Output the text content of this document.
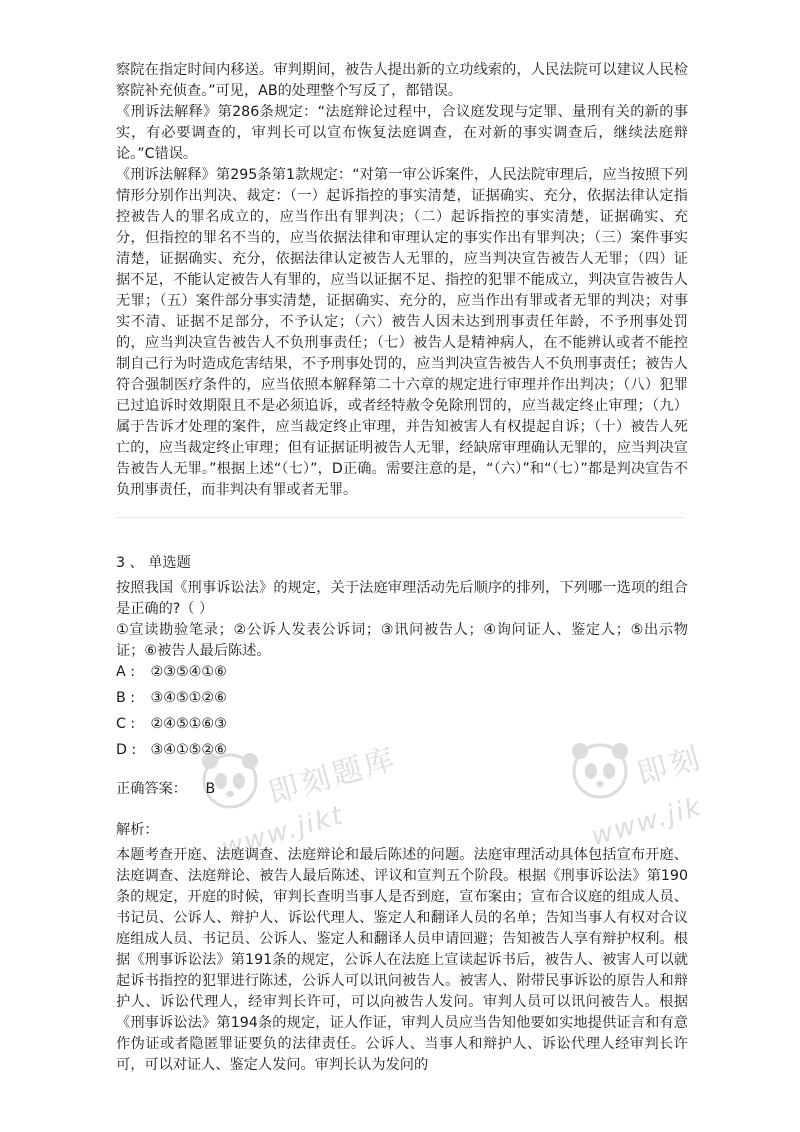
察院在指定时间内移送。审判期间，被告人提出新的立功线索的，人民法院可以建议人民检察院补充侦查。”可见，AB的处理整个写反了，都错误。
《刑诉法解释》第286条规定：“法庭辩论过程中，合议庭发现与定罪、量刑有关的新的事实，有必要调查的，审判长可以宣布恢复法庭调查，在对新的事实调查后，继续法庭辩论。”C错误。
《刑诉法解释》第295条第1款规定：“对第一审公诉案件，人民法院审理后，应当按照下列情形分别作出判决、裁定：（一）起诉指控的事实清楚，证据确实、充分，依据法律认定指控被告人的罪名成立的，应当作出有罪判决；（二）起诉指控的事实清楚，证据确实、充分，但指控的罪名不当的，应当依据法律和审理认定的事实作出有罪判决；（三）案件事实清楚，证据确实、充分，依据法律认定被告人无罪的，应当判决宣告被告人无罪；（四）证据不足，不能认定被告人有罪的，应当以证据不足、指控的犯罪不能成立，判决宣告被告人无罪；（五）案件部分事实清楚，证据确实、充分的，应当作出有罪或者无罪的判决；对事实不清、证据不足部分，不予认定；（六）被告人因未达到刑事责任年龄，不予刑事处罚的，应当判决宣告被告人不负刑事责任；（七）被告人是精神病人，在不能辨认或者不能控制自己行为时造成危害结果，不予刑事处罚的，应当判决宣告被告人不负刑事责任；被告人符合强制医疗条件的，应当依照本解释第二十六章的规定进行审理并作出判决；（八）犯罪已过追诉时效期限且不是必须追诉，或者经特赦令免除刑罚的，应当裁定终止审理；（九）属于告诉才处理的案件，应当裁定终止审理，并告知被害人有权提起自诉；（十）被告人死亡的，应当裁定终止审理；但有证据证明被告人无罪，经缺席审理确认无罪的，应当判决宣告被告人无罪。”根据上述“（七）”，D正确。需要注意的是，“（六）”和“（七）”都是判决宣告不负刑事责任，而非判决有罪或者无罪。

3 、 单选题
按照我国《刑事诉讼法》的规定，关于法庭审理活动先后顺序的排列，下列哪一选项的组合是正确的?（ ）
①宣读勘验笔录；②公诉人发表公诉词；③讯问被告人；④询问证人、鉴定人；⑤出示物证；⑥被告人最后陈述。
A : ②③⑤④①⑥
B : ③④⑤①②⑥
C : ②④⑤①⑥③
D : ③④①⑤②⑥
正确答案： B
解析：

本题考查开庭、法庭调查、法庭辩论和最后陈述的问题。法庭审理活动具体包括宣布开庭、法庭调查、法庭辩论、被告人最后陈述、评议和宣判五个阶段。根据《刑事诉讼法》第190条的规定，开庭的时候，审判长查明当事人是否到庭，宣布案由；宣布合议庭的组成人员、书记员、公诉人、辩护人、诉讼代理人、鉴定人和翻译人员的名单；告知当事人有权对合议庭组成人员、书记员、公诉人、鉴定人和翻译人员申请回避；告知被告人享有辩护权利。根据《刑事诉讼法》第191条的规定，公诉人在法庭上宣读起诉书后，被告人、被害人可以就起诉书指控的犯罪进行陈述，公诉人可以讯问被告人。被害人、附带民事诉讼的原告人和辩护人、诉讼代理人，经审判长许可，可以向被告人发问。审判人员可以讯问被告人。根据《刑事诉讼法》第194条的规定，证人作证，审判人员应当告知他要如实地提供证言和有意作伪证或者隐匿罪证要负的法律责任。公诉人、当事人和辩护人、诉讼代理人经审判长许可，可以对证人、鉴定人发问。审判长认为发问的

即刻题库
www.jikt
即刻
www.jik
